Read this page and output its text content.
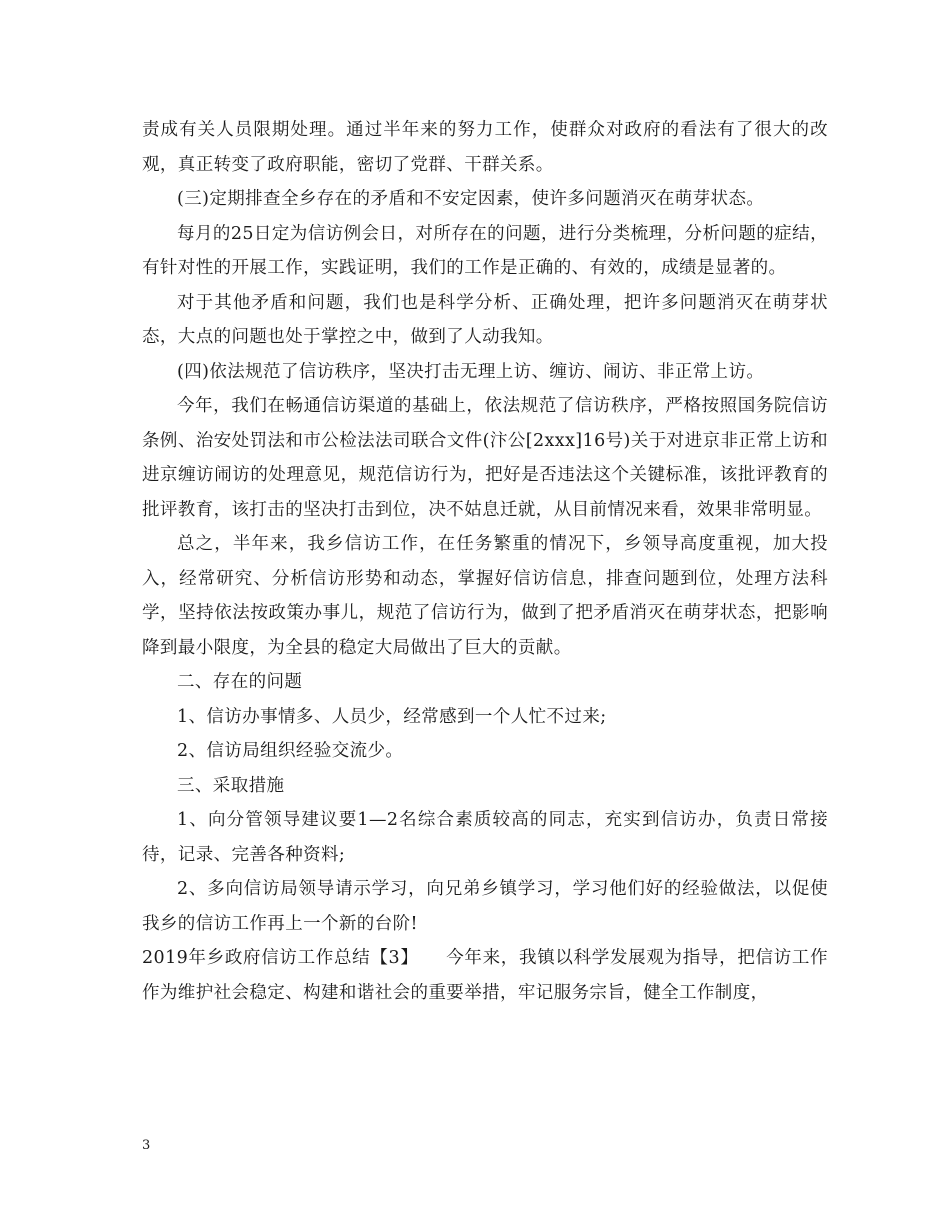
责成有关人员限期处理。通过半年来的努力工作，使群众对政府的看法有了很大的改观，真正转变了政府职能，密切了党群、干群关系。

(三)定期排查全乡存在的矛盾和不安定因素，使许多问题消灭在萌芽状态。

每月的25日定为信访例会日，对所存在的问题，进行分类梳理，分析问题的症结，有针对性的开展工作，实践证明，我们的工作是正确的、有效的，成绩是显著的。

对于其他矛盾和问题，我们也是科学分析、正确处理，把许多问题消灭在萌芽状态，大点的问题也处于掌控之中，做到了人动我知。

(四)依法规范了信访秩序，坚决打击无理上访、缠访、闹访、非正常上访。

今年，我们在畅通信访渠道的基础上，依法规范了信访秩序，严格按照国务院信访条例、治安处罚法和市公检法法司联合文件(汴公[2xxx]16号)关于对进京非正常上访和进京缠访闹访的处理意见，规范信访行为，把好是否违法这个关键标准，该批评教育的批评教育，该打击的坚决打击到位，决不姑息迁就，从目前情况来看，效果非常明显。

总之，半年来，我乡信访工作，在任务繁重的情况下，乡领导高度重视，加大投入，经常研究、分析信访形势和动态，掌握好信访信息，排查问题到位，处理方法科学，坚持依法按政策办事儿，规范了信访行为，做到了把矛盾消灭在萌芽状态，把影响降到最小限度，为全县的稳定大局做出了巨大的贡献。

二、存在的问题

1、信访办事情多、人员少，经常感到一个人忙不过来;

2、信访局组织经验交流少。

三、采取措施

1、向分管领导建议要1—2名综合素质较高的同志，充实到信访办，负责日常接待，记录、完善各种资料;

2、多向信访局领导请示学习，向兄弟乡镇学习，学习他们好的经验做法，以促使我乡的信访工作再上一个新的台阶!

2019年乡政府信访工作总结【3】　　今年来，我镇以科学发展观为指导，把信访工作作为维护社会稳定、构建和谐社会的重要举措，牢记服务宗旨，健全工作制度，

3
